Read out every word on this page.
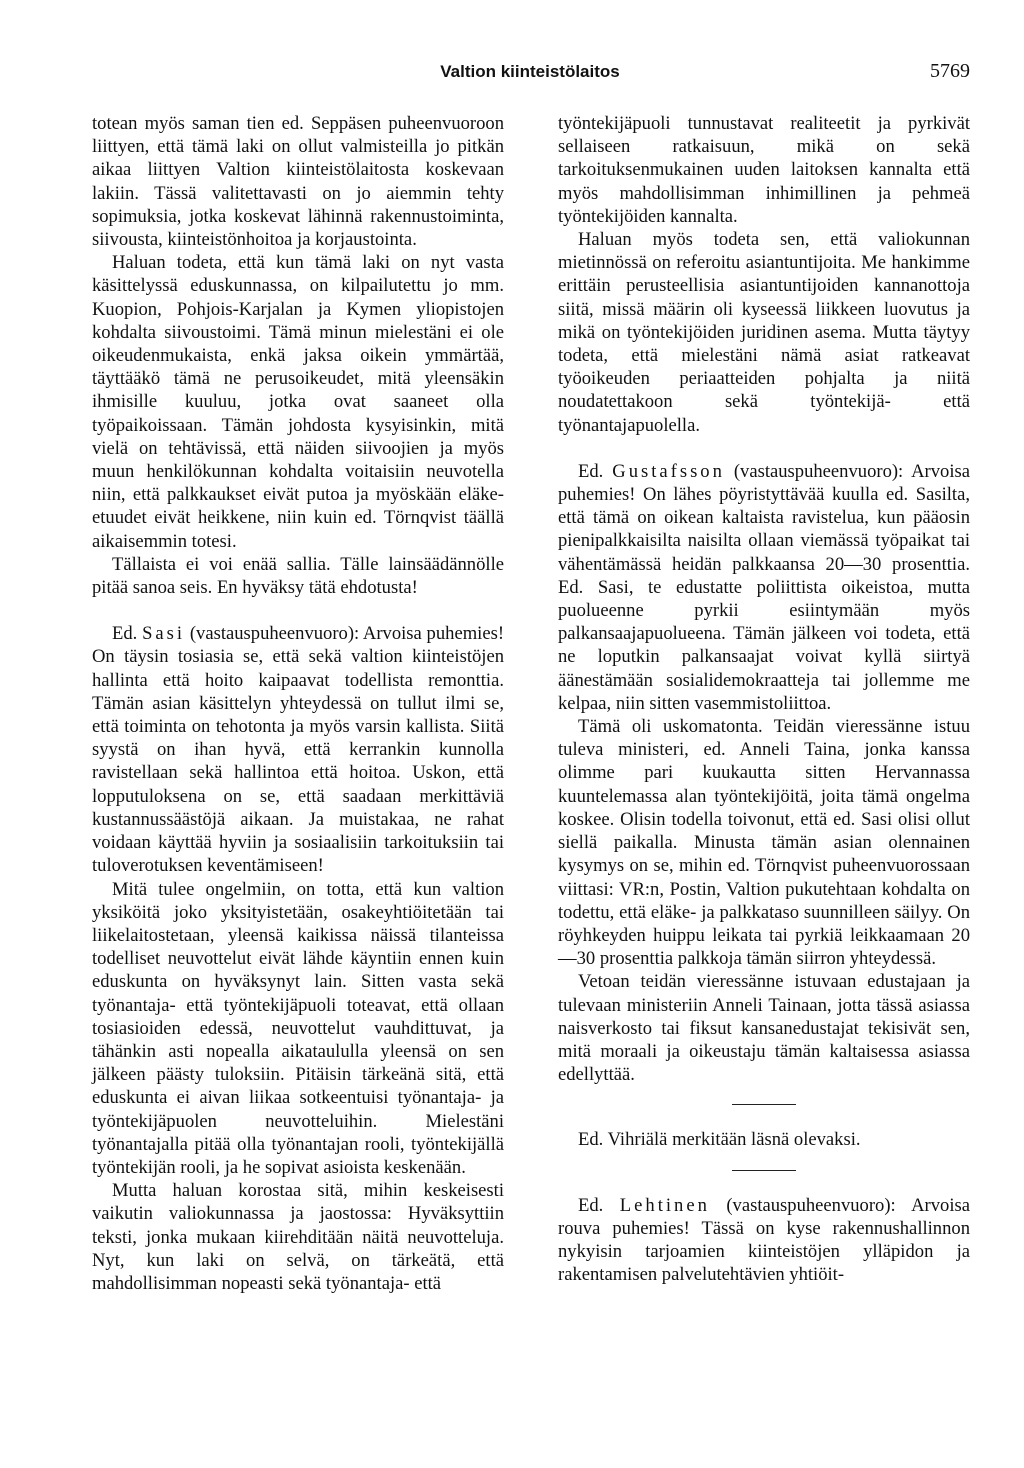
Valtion kiinteistölaitos	5769

totean myös saman tien ed. Seppäsen puheenvuoroon liittyen, että tämä laki on ollut valmisteilla jo pitkän aikaa liittyen Valtion kiinteistölaitosta koskevaan lakiin. Tässä valitettavasti on jo aiemmin tehty sopimuksia, jotka koskevat lähinnä rakennustoiminta, siivousta, kiinteistönhoitoa ja korjaustointa.

Haluan todeta, että kun tämä laki on nyt vasta käsittelyssä eduskunnassa, on kilpailutettu jo mm. Kuopion, Pohjois-Karjalan ja Kymen yliopistojen kohdalta siivoustoimi. Tämä minun mielestäni ei ole oikeudenmukaista, enkä jaksa oikein ymmärtää, täyttääkö tämä ne perusoikeudet, mitä yleensäkin ihmisille kuuluu, jotka ovat saaneet olla työpaikoissaan. Tämän johdosta kysyisinkin, mitä vielä on tehtävissä, että näiden siivoojien ja myös muun henkilökunnan kohdalta voitaisiin neuvotella niin, että palkkaukset eivät putoa ja myöskään eläke-etuudet eivät heikkene, niin kuin ed. Törnqvist täällä aikaisemmin totesi.

Tällaista ei voi enää sallia. Tälle lainsäädännölle pitää sanoa seis. En hyväksy tätä ehdotusta!

Ed. Sasi (vastauspuheenvuoro): Arvoisa puhemies! On täysin tosiasia se, että sekä valtion kiinteistöjen hallinta että hoito kaipaavat todellista remonttia. Tämän asian käsittelyn yhteydessä on tullut ilmi se, että toiminta on tehotonta ja myös varsin kallista. Siitä syystä on ihan hyvä, että kerrankin kunnolla ravistellaan sekä hallintoa että hoitoa. Uskon, että lopputuloksena on se, että saadaan merkittäviä kustannussäästöjä aikaan. Ja muistakaa, ne rahat voidaan käyttää hyviin ja sosiaalisiin tarkoituksiin tai tuloverotuksen keventämiseen!

Mitä tulee ongelmiin, on totta, että kun valtion yksiköitä joko yksityistetään, osakeyhtiöitetään tai liikelaitostetaan, yleensä kaikissa näissä tilanteissa todelliset neuvottelut eivät lähde käyntiin ennen kuin eduskunta on hyväksynyt lain. Sitten vasta sekä työnantaja- että työntekijäpuoli toteavat, että ollaan tosiasioiden edessä, neuvottelut vauhdittuvat, ja tähänkin asti nopealla aikataululla yleensä on sen jälkeen päästy tuloksiin. Pitäisin tärkeänä sitä, että eduskunta ei aivan liikaa sotkeentuisi työnantaja- ja työntekijäpuolen neuvotteluihin. Mielestäni työnantajalla pitää olla työnantajan rooli, työntekijällä työntekijän rooli, ja he sopivat asioista keskenään.

Mutta haluan korostaa sitä, mihin keskeisesti vaikutin valiokunnassa ja jaostossa: Hyväksyttiin teksti, jonka mukaan kiirehditään näitä neuvotteluja. Nyt, kun laki on selvä, on tärkeätä, että mahdollisimman nopeasti sekä työnantaja- että

työntekijäpuoli tunnustavat realiteetit ja pyrkivät sellaiseen ratkaisuun, mikä on sekä tarkoituksenmukainen uuden laitoksen kannalta että myös mahdollisimman inhimillinen ja pehmeä työntekijöiden kannalta.

Haluan myös todeta sen, että valiokunnan mietinnössä on referoitu asiantuntijoita. Me hankimme erittäin perusteellisia asiantuntijoiden kannanottoja siitä, missä määrin oli kyseessä liikkeen luovutus ja mikä on työntekijöiden juridinen asema. Mutta täytyy todeta, että mielestäni nämä asiat ratkeavat työoikeuden periaatteiden pohjalta ja niitä noudatettakoon sekä työntekijä- että työnantajapuolella.

Ed. Gustafsson (vastauspuheenvuoro): Arvoisa puhemies! On lähes pöyristyttävää kuulla ed. Sasilta, että tämä on oikean kaltaista ravistelua, kun pääosin pienipalkkaisilta naisilta ollaan viemässä työpaikat tai vähentämässä heidän palkkaansa 20—30 prosenttia. Ed. Sasi, te edustatte poliittista oikeistoa, mutta puolueenne pyrkii esiintymään myös palkansaajapuolueena. Tämän jälkeen voi todeta, että ne loputkin palkansaajat voivat kyllä siirtyä äänestämään sosialidemokraatteja tai jollemme me kelpaa, niin sitten vasemmistoliittoa.

Tämä oli uskomatonta. Teidän vieressänne istuu tuleva ministeri, ed. Anneli Taina, jonka kanssa olimme pari kuukautta sitten Hervannassa kuuntelemassa alan työntekijöitä, joita tämä ongelma koskee. Olisin todella toivonut, että ed. Sasi olisi ollut siellä paikalla. Minusta tämän asian olennainen kysymys on se, mihin ed. Törnqvist puheenvuorossaan viittasi: VR:n, Postin, Valtion pukutehtaan kohdalta on todettu, että eläke- ja palkkataso suunnilleen säilyy. On röyhkeyden huippu leikata tai pyrkiä leikkaamaan 20—30 prosenttia palkkoja tämän siirron yhteydessä.

Vetoan teidän vieressänne istuvaan edustajaan ja tulevaan ministeriin Anneli Tainaan, jotta tässä asiassa naisverkosto tai fiksut kansanedustajat tekisivät sen, mitä moraali ja oikeustaju tämän kaltaisessa asiassa edellyttää.

Ed. Vihriälä merkitään läsnä olevaksi.

Ed. Lehtinen (vastauspuheenvuoro): Arvoisa rouva puhemies! Tässä on kyse rakennushallinnon nykyisin tarjoamien kiinteistöjen ylläpidon ja rakentamisen palvelutehtävien yhtiöit-
